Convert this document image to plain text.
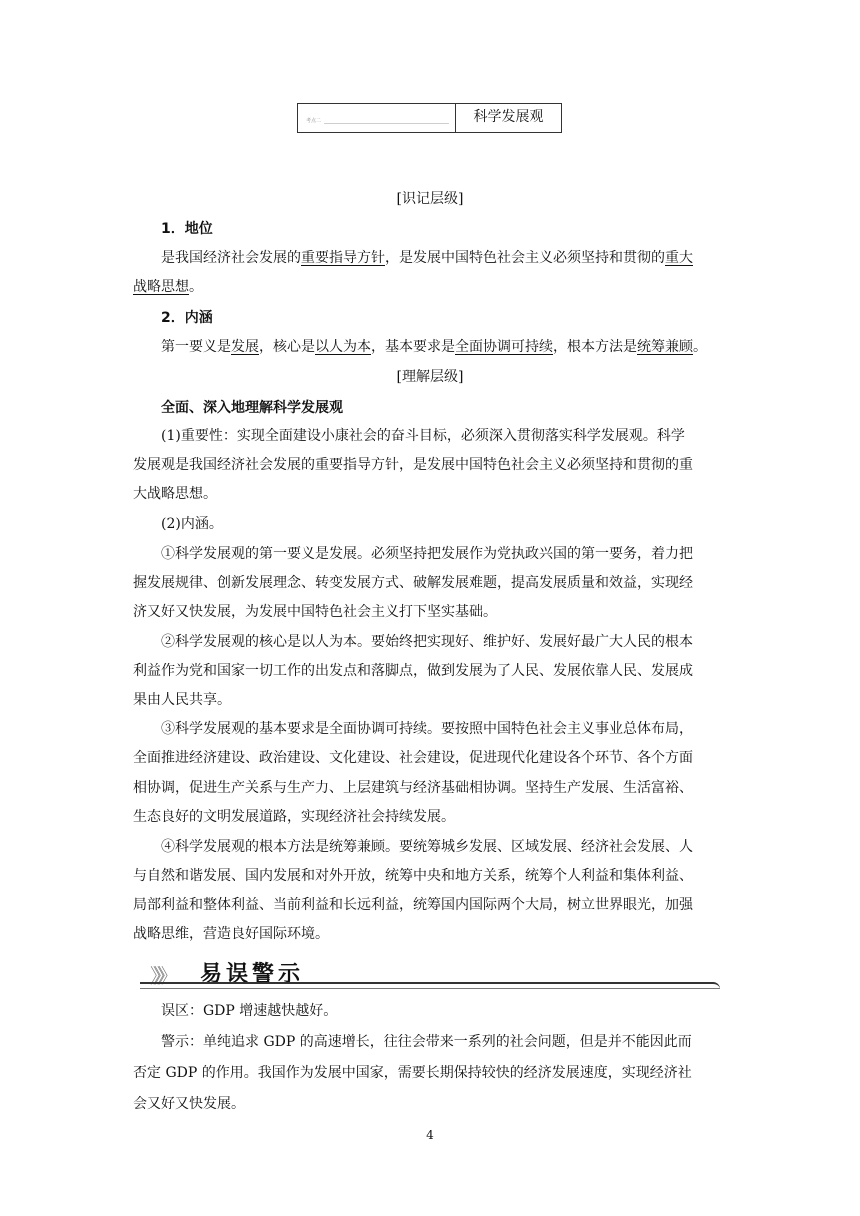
考点二	科学发展观
[识记层级]
1．地位
是我国经济社会发展的重要指导方针，是发展中国特色社会主义必须坚持和贯彻的重大
战略思想。
2．内涵
第一要义是发展，核心是以人为本，基本要求是全面协调可持续，根本方法是统筹兼顾。
[理解层级]
全面、深入地理解科学发展观
(1)重要性：实现全面建设小康社会的奋斗目标，必须深入贯彻落实科学发展观。科学
发展观是我国经济社会发展的重要指导方针，是发展中国特色社会主义必须坚持和贯彻的重
大战略思想。
(2)内涵。
①科学发展观的第一要义是发展。必须坚持把发展作为党执政兴国的第一要务，着力把
握发展规律、创新发展理念、转变发展方式、破解发展难题，提高发展质量和效益，实现经
济又好又快发展，为发展中国特色社会主义打下坚实基础。
②科学发展观的核心是以人为本。要始终把实现好、维护好、发展好最广大人民的根本
利益作为党和国家一切工作的出发点和落脚点，做到发展为了人民、发展依靠人民、发展成
果由人民共享。
③科学发展观的基本要求是全面协调可持续。要按照中国特色社会主义事业总体布局，
全面推进经济建设、政治建设、文化建设、社会建设，促进现代化建设各个环节、各个方面
相协调，促进生产关系与生产力、上层建筑与经济基础相协调。坚持生产发展、生活富裕、
生态良好的文明发展道路，实现经济社会持续发展。
④科学发展观的根本方法是统筹兼顾。要统筹城乡发展、区域发展、经济社会发展、人
与自然和谐发展、国内发展和对外开放，统筹中央和地方关系，统筹个人利益和集体利益、
局部利益和整体利益、当前利益和长远利益，统筹国内国际两个大局，树立世界眼光，加强
战略思维，营造良好国际环境。
》》》 易误警示
误区：GDP 增速越快越好。
警示：单纯追求 GDP 的高速增长，往往会带来一系列的社会问题，但是并不能因此而
否定 GDP 的作用。我国作为发展中国家，需要长期保持较快的经济发展速度，实现经济社
会又好又快发展。
4
